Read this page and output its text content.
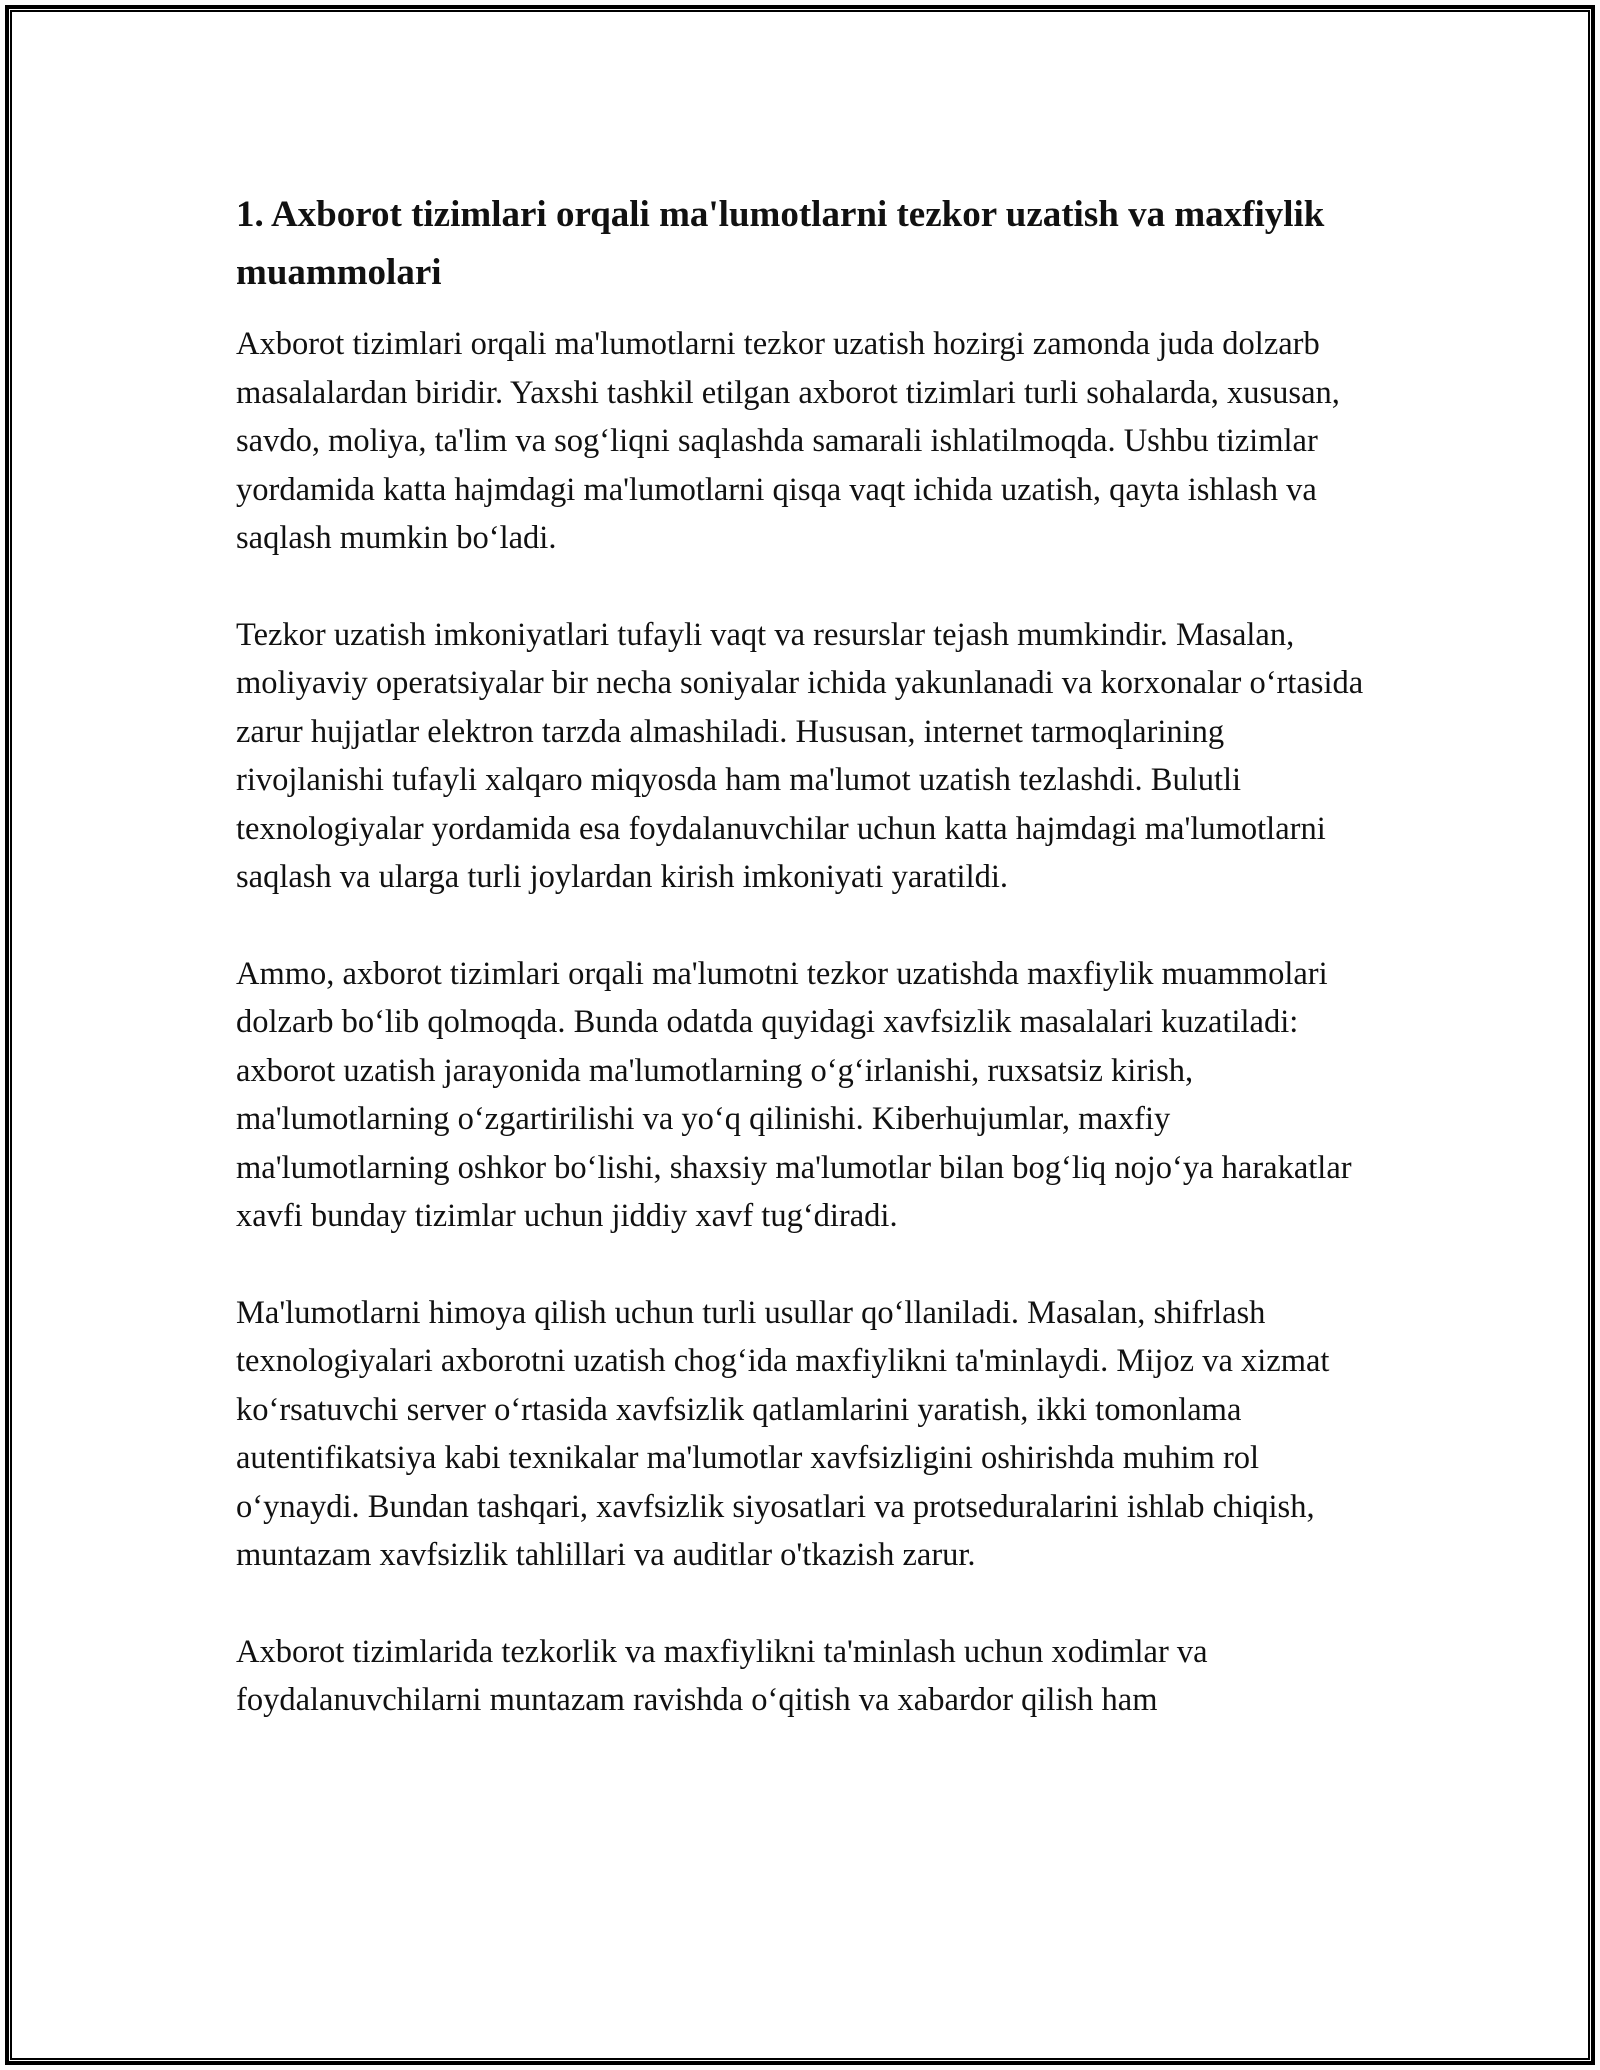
1. Axborot tizimlari orqali ma'lumotlarni tezkor uzatish va maxfiylik muammolari

Axborot tizimlari orqali ma'lumotlarni tezkor uzatish hozirgi zamonda juda dolzarb masalalardan biridir. Yaxshi tashkil etilgan axborot tizimlari turli sohalarda, xususan, savdo, moliya, ta'lim va sog‘liqni saqlashda samarali ishlatilmoqda. Ushbu tizimlar yordamida katta hajmdagi ma'lumotlarni qisqa vaqt ichida uzatish, qayta ishlash va saqlash mumkin bo‘ladi.

Tezkor uzatish imkoniyatlari tufayli vaqt va resurslar tejash mumkindir. Masalan, moliyaviy operatsiyalar bir necha soniyalar ichida yakunlanadi va korxonalar o‘rtasida zarur hujjatlar elektron tarzda almashiladi. Hususan, internet tarmoqlarining rivojlanishi tufayli xalqaro miqyosda ham ma'lumot uzatish tezlashdi. Bulutli texnologiyalar yordamida esa foydalanuvchilar uchun katta hajmdagi ma'lumotlarni saqlash va ularga turli joylardan kirish imkoniyati yaratildi.

Ammo, axborot tizimlari orqali ma'lumotni tezkor uzatishda maxfiylik muammolari dolzarb bo‘lib qolmoqda. Bunda odatda quyidagi xavfsizlik masalalari kuzatiladi: axborot uzatish jarayonida ma'lumotlarning o‘g‘irlanishi, ruxsatsiz kirish, ma'lumotlarning o‘zgartirilishi va yo‘q qilinishi. Kiberhujumlar, maxfiy ma'lumotlarning oshkor bo‘lishi, shaxsiy ma'lumotlar bilan bog‘liq nojo‘ya harakatlar xavfi bunday tizimlar uchun jiddiy xavf tug‘diradi.

Ma'lumotlarni himoya qilish uchun turli usullar qo‘llaniladi. Masalan, shifrlash texnologiyalari axborotni uzatish chog‘ida maxfiylikni ta'minlaydi. Mijoz va xizmat ko‘rsatuvchi server o‘rtasida xavfsizlik qatlamlarini yaratish, ikki tomonlama autentifikatsiya kabi texnikalar ma'lumotlar xavfsizligini oshirishda muhim rol o‘ynaydi. Bundan tashqari, xavfsizlik siyosatlari va protseduralarini ishlab chiqish, muntazam xavfsizlik tahlillari va auditlar o'tkazish zarur.

Axborot tizimlarida tezkorlik va maxfiylikni ta'minlash uchun xodimlar va foydalanuvchilarni muntazam ravishda o‘qitish va xabardor qilish ham
